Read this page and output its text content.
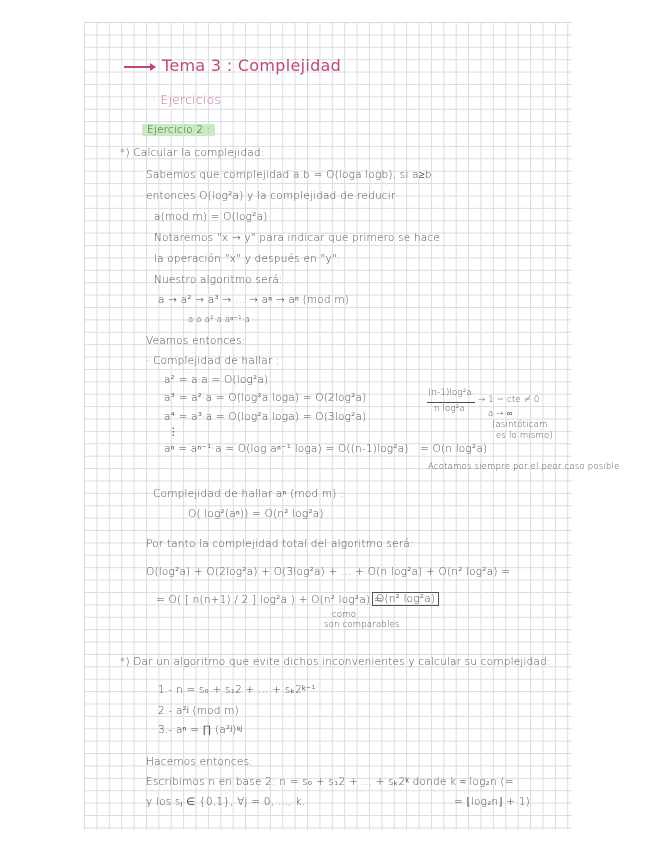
Tema 3 : Complejidad
· Ejercicios
Ejercicio 2 :
*) Calcular la complejidad:
Sabemos que complejidad a.b = O(loga logb), si a≥b
entonces O(log²a) y la complejidad de reducir
a(mod m) = O(log²a)
Notaremos "x → y" para indicar que primero se hace
la operación "x" y después en "y".
Nuestro algoritmo será:
a → a² → a³ → ... → aⁿ → aⁿ (mod m)
a·a a²·a aⁿ⁻¹·a
Veamos entonces:
· Complejidad de hallar :
a² = a·a = O(log²a)
a³ = a²·a = O(log²a loga) = O(2log²a)
a⁴ = a³·a = O(log²a loga) = O(3log²a)
⋮
aⁿ = aⁿ⁻¹·a = O(log aⁿ⁻¹ loga) = O((n-1)log²a) = O(n log²a)
Acotamos siempre por el peor caso posible.
(n-1)log²a
n log²a
→ 1 = cte ≠ 0
a → ∞
(asintóticam.
es lo mismo)
· Complejidad de hallar aⁿ (mod m) :
O( log²(aⁿ)) = O(n² log²a)
Por tanto la complejidad total del algoritmo será:
O(log²a) + O(2log²a) + O(3log²a) + ... + O(n log²a) + O(n² log²a) =
= O( [ n(n+1) / 2 ] log²a ) + O(n² log²a) =
O(n² log²a)
como
son comparables
*) Dar un algoritmo que evite dichos inconvenientes y calcular su complejidad:
1.- n = s₀ + s₁2 + ... + sₖ2ᵏ⁻¹
2.- a²ʲ (mod m)
3.- aⁿ = ∏ (a²ʲ)ˢʲ
Hacemos entonces:
Escribimos n en base 2: n = s₀ + s₁2 + ... + sₖ2ᵏ donde k ≈ log₂n (=
y los sⱼ ∈ {0,1}, ∀j = 0, ..., k.	= ⌊log₂n⌋ + 1)
